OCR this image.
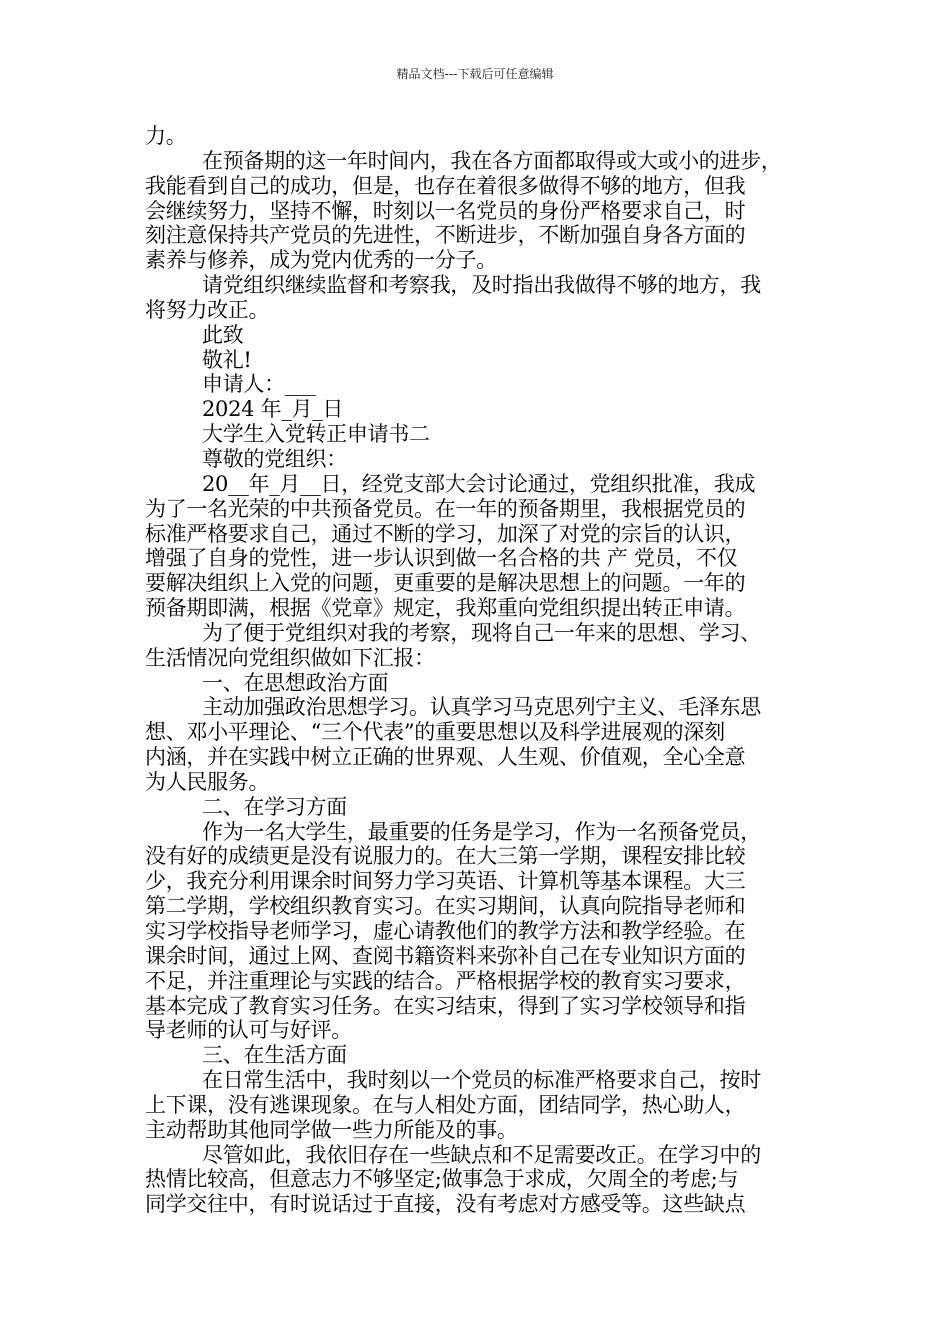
精品文档---下载后可任意编辑
力。
在预备期的这一年时间内，我在各方面都取得或大或小的进步，
我能看到自己的成功，但是，也存在着很多做得不够的地方，但我
会继续努力，坚持不懈，时刻以一名党员的身份严格要求自己，时
刻注意保持共产党员的先进性，不断进步，不断加强自身各方面的
素养与修养，成为党内优秀的一分子。
请党组织继续监督和考察我，及时指出我做得不够的地方，我
将努力改正。
此致
敬礼!
申请人：___
2024 年_月_日
大学生入党转正申请书二
尊敬的党组织：
20__年_月__日，经党支部大会讨论通过，党组织批准，我成
为了一名光荣的中共预备党员。在一年的预备期里，我根据党员的
标准严格要求自己，通过不断的学习，加深了对党的宗旨的认识，
增强了自身的党性，进一步认识到做一名合格的共 产 党员，不仅
要解决组织上入党的问题，更重要的是解决思想上的问题。一年的
预备期即满，根据《党章》规定，我郑重向党组织提出转正申请。
为了便于党组织对我的考察，现将自己一年来的思想、学习、
生活情况向党组织做如下汇报：
一、在思想政治方面
主动加强政治思想学习。认真学习马克思列宁主义、毛泽东思
想、邓小平理论、“三个代表”的重要思想以及科学进展观的深刻
内涵，并在实践中树立正确的世界观、人生观、价值观，全心全意
为人民服务。
二、在学习方面
作为一名大学生，最重要的任务是学习，作为一名预备党员，
没有好的成绩更是没有说服力的。在大三第一学期，课程安排比较
少，我充分利用课余时间努力学习英语、计算机等基本课程。大三
第二学期，学校组织教育实习。在实习期间，认真向院指导老师和
实习学校指导老师学习，虚心请教他们的教学方法和教学经验。在
课余时间，通过上网、查阅书籍资料来弥补自己在专业知识方面的
不足，并注重理论与实践的结合。严格根据学校的教育实习要求，
基本完成了教育实习任务。在实习结束，得到了实习学校领导和指
导老师的认可与好评。
三、在生活方面
在日常生活中，我时刻以一个党员的标准严格要求自己，按时
上下课，没有逃课现象。在与人相处方面，团结同学，热心助人，
主动帮助其他同学做一些力所能及的事。
尽管如此，我依旧存在一些缺点和不足需要改正。在学习中的
热情比较高，但意志力不够坚定;做事急于求成，欠周全的考虑;与
同学交往中，有时说话过于直接，没有考虑对方感受等。这些缺点
